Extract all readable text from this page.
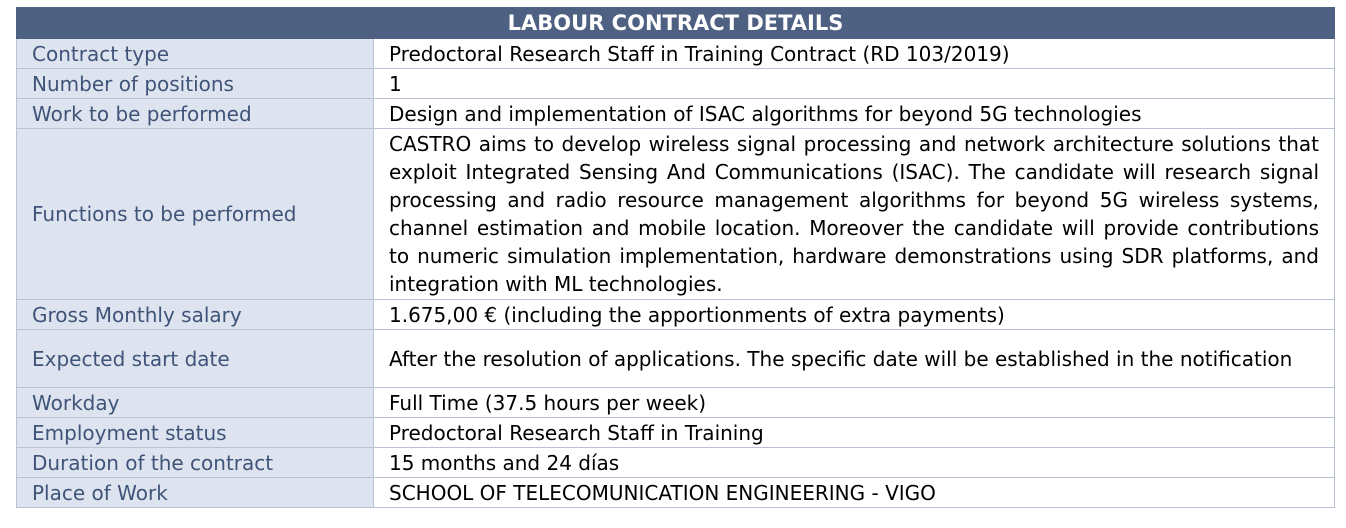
LABOUR CONTRACT DETAILS	
Contract type	Predoctoral Research Staff in Training Contract (RD 103/2019)
Number of positions	1
Work to be performed	Design and implementation of ISAC algorithms for beyond 5G technologies
Functions to be performed	CASTRO aims to develop wireless signal processing and network architecture solutions that exploit Integrated Sensing And Communications (ISAC). The candidate will research signal processing and radio resource management algorithms for beyond 5G wireless systems, channel estimation and mobile location. Moreover the candidate will provide contributions to numeric simulation implementation, hardware demonstrations using SDR platforms, and integration with ML technologies.
Gross Monthly salary	1.675,00 € (including the apportionments of extra payments)
Expected start date	After the resolution of applications. The specific date will be established in the notification
Workday	Full Time (37.5 hours per week)
Employment status	Predoctoral Research Staff in Training
Duration of the contract	15 months and 24 días
Place of Work	SCHOOL OF TELECOMUNICATION ENGINEERING - VIGO
